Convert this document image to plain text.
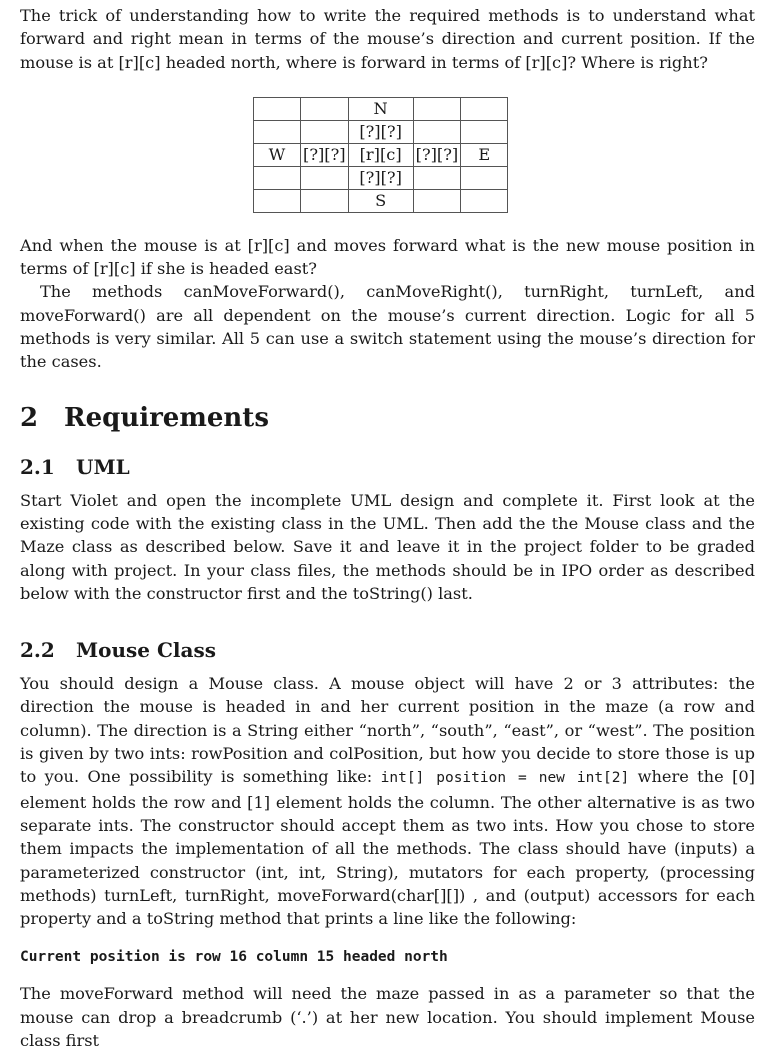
The trick of understanding how to write the required methods is to understand what forward and right mean in terms of the mouse’s direction and current position. If the mouse is at [r][c] headed north, where is forward in terms of [r][c]? Where is right?

		N		
		[?][?]		
W	[?][?]	[r][c]	[?][?]	E
		[?][?]		
		S		

And when the mouse is at [r][c] and moves forward what is the new mouse position in terms of [r][c] if she is headed east?

The methods canMoveForward(), canMoveRight(), turnRight, turnLeft, and moveForward() are all dependent on the mouse’s current direction. Logic for all 5 methods is very similar. All 5 can use a switch statement using the mouse’s direction for the cases.

2 Requirements
2.1 UML

Start Violet and open the incomplete UML design and complete it. First look at the existing code with the existing class in the UML. Then add the the Mouse class and the Maze class as described below. Save it and leave it in the project folder to be graded along with project. In your class files, the methods should be in IPO order as described below with the constructor first and the toString() last.

2.2 Mouse Class

You should design a Mouse class. A mouse object will have 2 or 3 attributes: the direction the mouse is headed in and her current position in the maze (a row and column). The direction is a String either “north”, “south”, “east”, or “west”. The position is given by two ints: rowPosition and colPosition, but how you decide to store those is up to you. One possibility is something like: int[] position = new int[2] where the [0] element holds the row and [1] element holds the column. The other alternative is as two separate ints. The constructor should accept them as two ints. How you chose to store them impacts the implementation of all the methods. The class should have (inputs) a parameterized constructor (int, int, String), mutators for each property, (processing methods) turnLeft, turnRight, moveForward(char[][]) , and (output) accessors for each property and a toString method that prints a line like the following:

Current position is row 16 column 15 headed north

The moveForward method will need the maze passed in as a parameter so that the mouse can drop a breadcrumb (‘.’) at her new location. You should implement Mouse class first
